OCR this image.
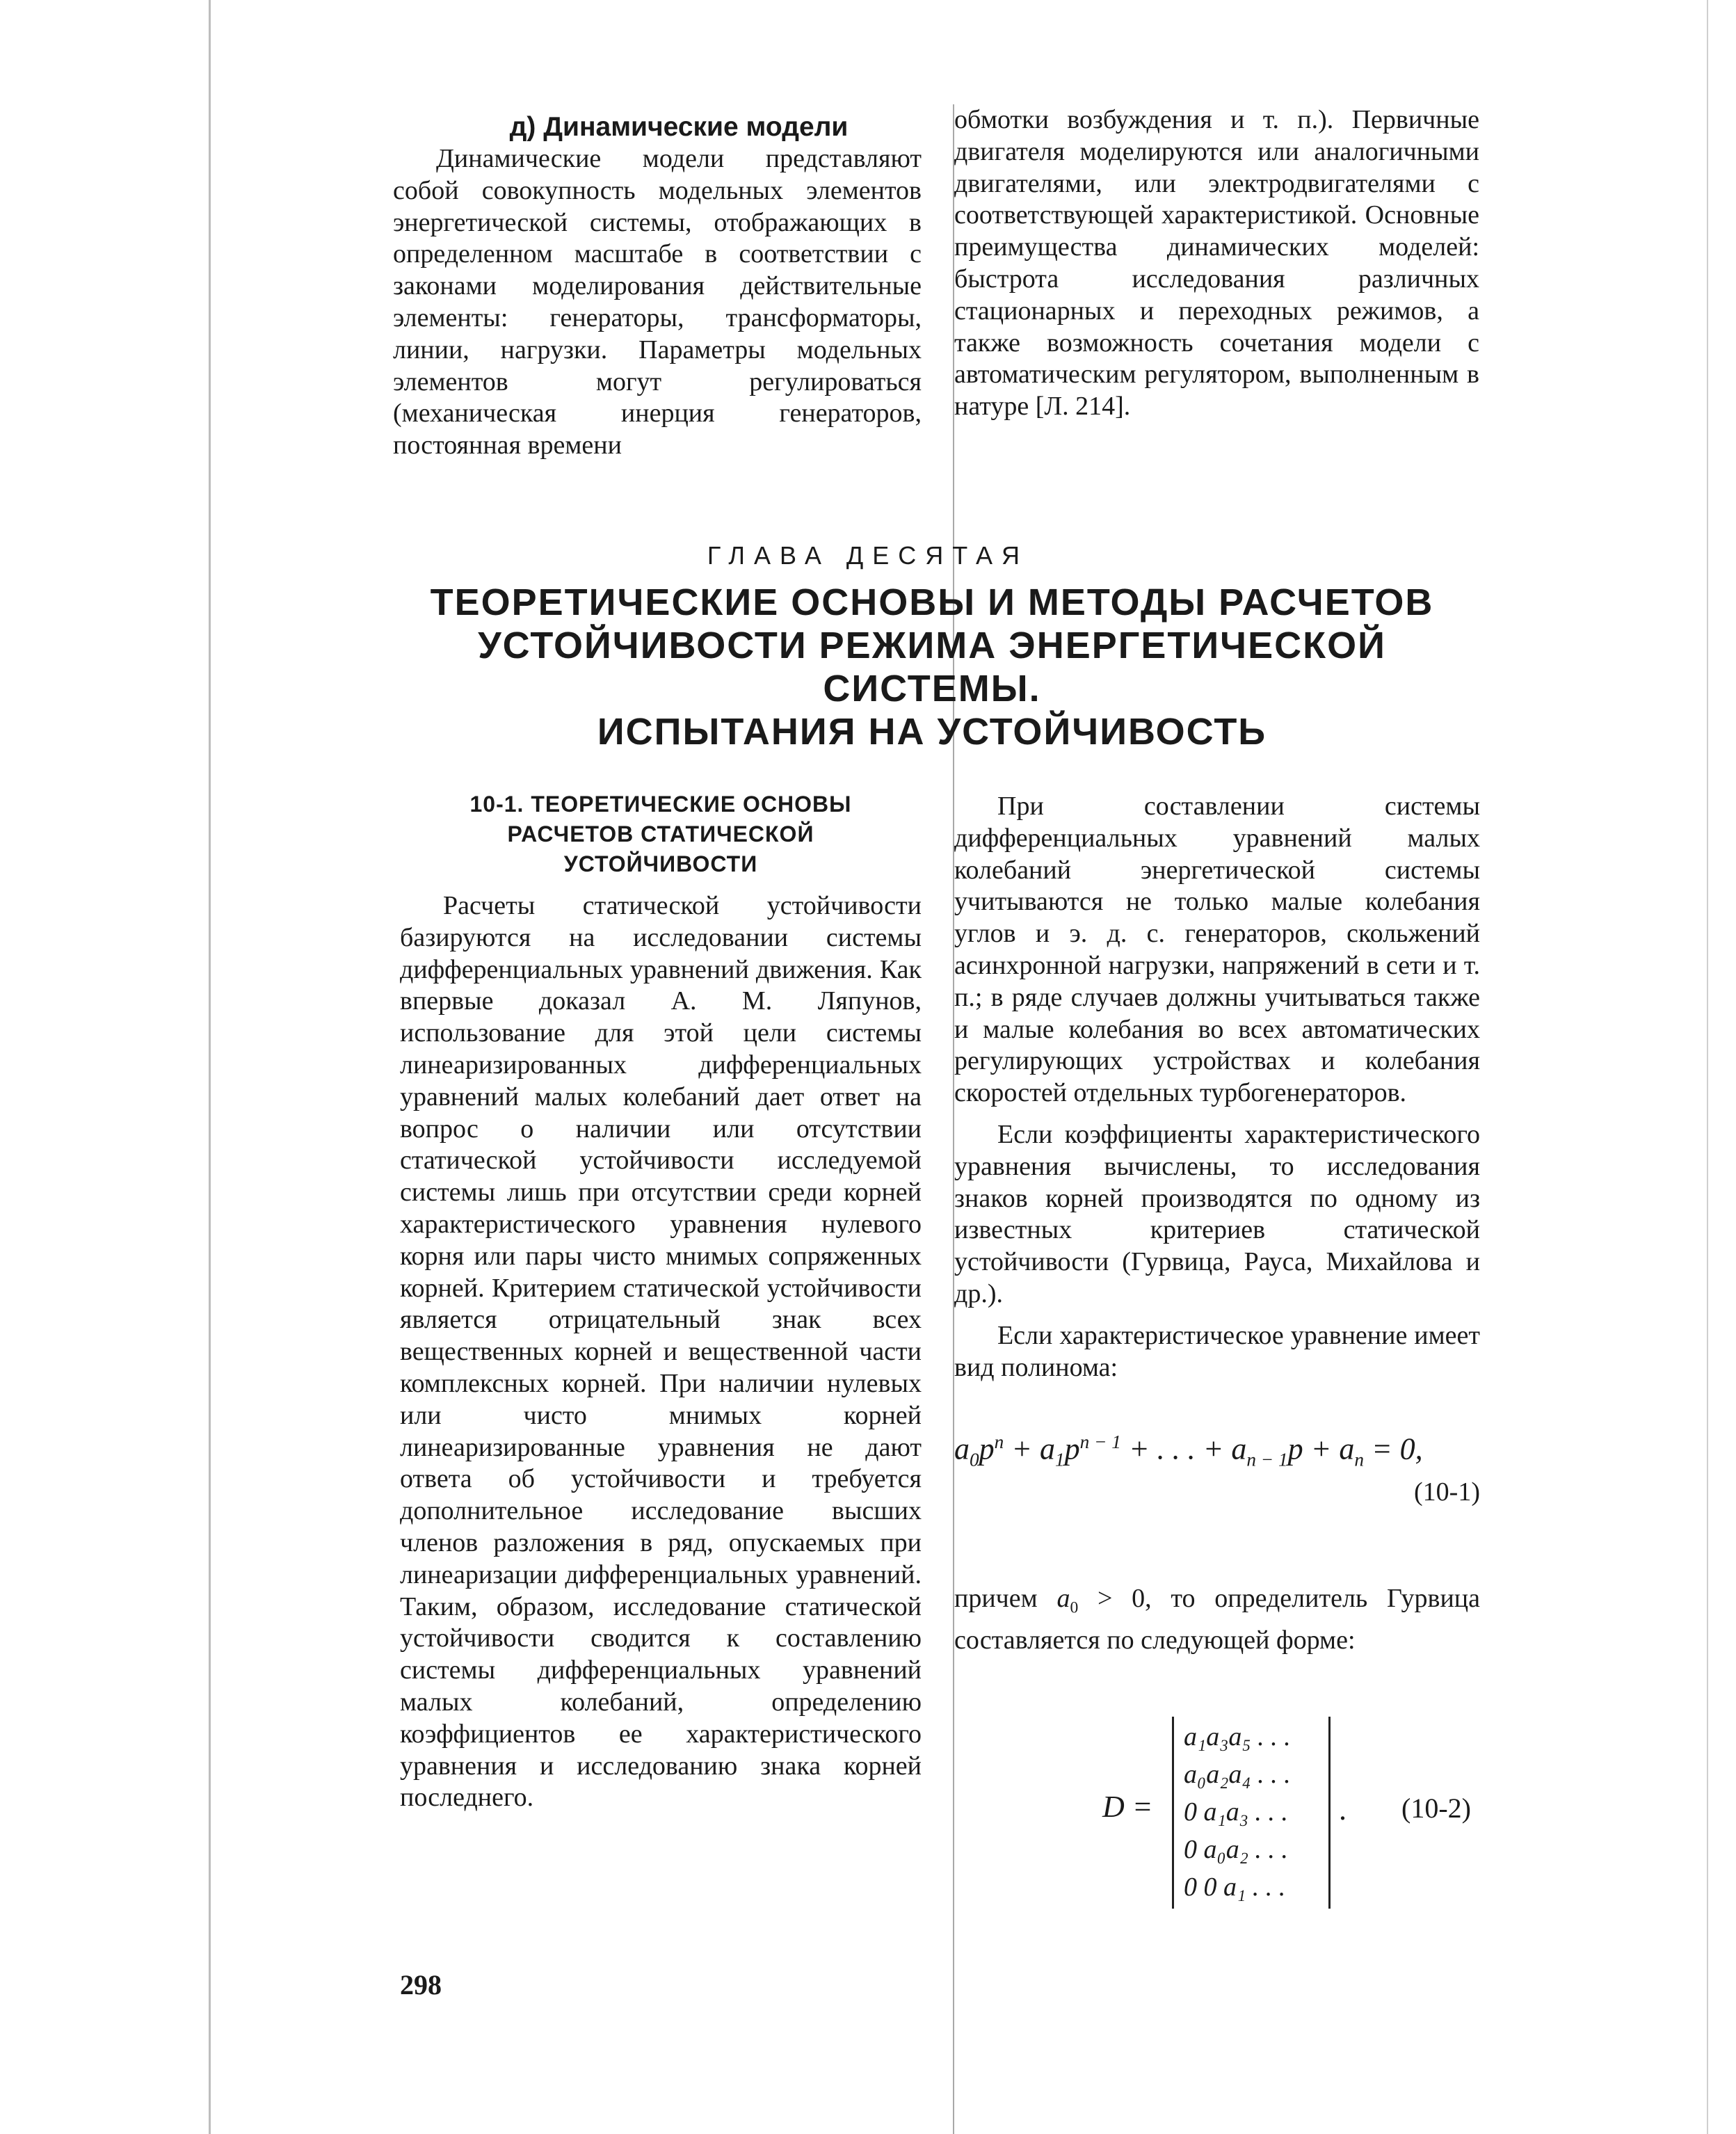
д) Динамические модели

Динамические модели представляют собой совокупность модельных элементов энергетической системы, отображающих в определенном масштабе в соответствии с законами моделирования действительные элементы: генераторы, трансформаторы, линии, нагрузки. Параметры модельных элементов могут регулироваться (механическая инерция генераторов, постоянная времени

обмотки возбуждения и т. п.). Первичные двигателя моделируются или аналогичными двигателями, или электродвигателями с соответствующей характеристикой. Основные преимущества динамических моделей: быстрота исследования различных стационарных и переходных режимов, а также возможность сочетания модели с автоматическим регулятором, выполненным в натуре [Л. 214].

ГЛАВА ДЕСЯТАЯ
ТЕОРЕТИЧЕСКИЕ ОСНОВЫ И МЕТОДЫ РАСЧЕТОВ
УСТОЙЧИВОСТИ РЕЖИМА ЭНЕРГЕТИЧЕСКОЙ
СИСТЕМЫ.
ИСПЫТАНИЯ НА УСТОЙЧИВОСТЬ
10-1. ТЕОРЕТИЧЕСКИЕ ОСНОВЫ
РАСЧЕТОВ СТАТИЧЕСКОЙ
УСТОЙЧИВОСТИ

Расчеты статической устойчивости базируются на исследовании системы дифференциальных уравнений движения. Как впервые доказал А. М. Ляпунов, использование для этой цели системы линеаризированных дифференциальных уравнений малых колебаний дает ответ на вопрос о наличии или отсутствии статической устойчивости исследуемой системы лишь при отсутствии среди корней характеристического уравнения нулевого корня или пары чисто мнимых сопряженных корней. Критерием статической устойчивости является отрицательный знак всех вещественных корней и вещественной части комплексных корней. При наличии нулевых или чисто мнимых корней линеаризированные уравнения не дают ответа об устойчивости и требуется дополнительное исследование высших членов разложения в ряд, опускаемых при линеаризации дифференциальных уравнений. Таким, образом, исследование статической устойчивости сводится к составлению системы дифференциальных уравнений малых колебаний, определению коэффициентов ее характеристического уравнения и исследованию знака корней последнего.

При составлении системы дифференциальных уравнений малых колебаний энергетической системы учитываются не только малые колебания углов и э. д. с. генераторов, скольжений асинхронной нагрузки, напряжений в сети и т. п.; в ряде случаев должны учитываться также и малые колебания во всех автоматических регулирующих устройствах и колебания скоростей отдельных турбогенераторов.

Если коэффициенты характеристического уравнения вычислены, то исследования знаков корней производятся по одному из известных критериев статической устойчивости (Гурвица, Рауса, Михайлова и др.).

Если характеристическое уравнение имеет вид полинома:

$a_0p^n + a_1p^{n - 1}$ + . . . + $a_{n - 1}p + a_n = 0$,

(10-1)

причем $a_0 > 0$, то определитель Гурвица составляется по следующей форме:

D =
a₁a₃a₅ . . .
a₀a₂a₄ . . .
0 a₁a₃ . . .
0 a₀a₂ . . .
0 0 a₁ . . .
. (10-2)
298
